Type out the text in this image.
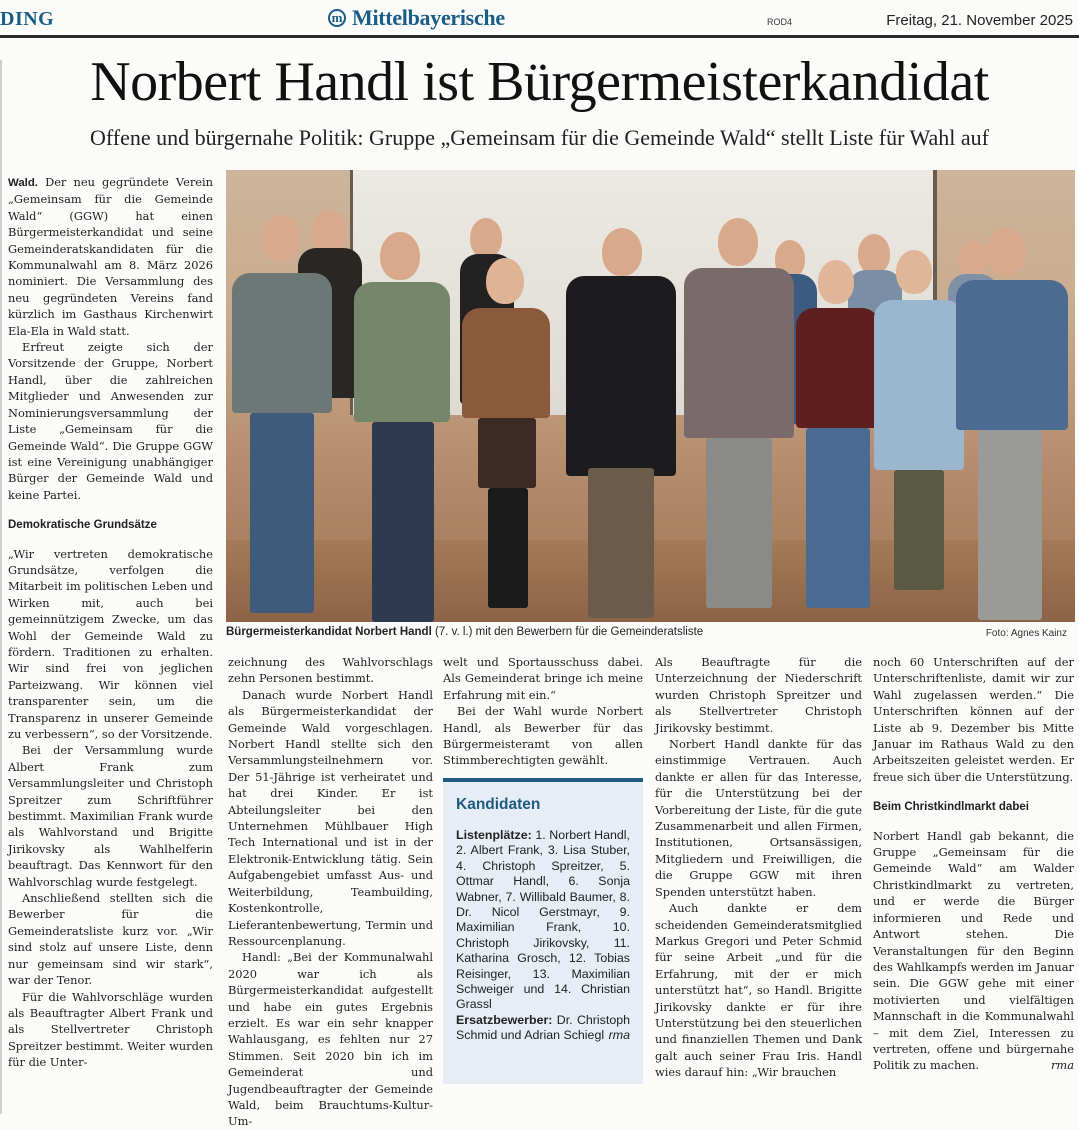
DING	m Mittelbayerische	ROD4	Freitag, 21. November 2025
Norbert Handl ist Bürgermeisterkandidat
Offene und bürgernahe Politik: Gruppe „Gemeinsam für die Gemeinde Wald“ stellt Liste für Wahl auf

Wald. Der neu gegründete Verein „Gemeinsam für die Gemeinde Wald“ (GGW) hat einen Bürgermeisterkandidat und seine Gemeinderatskandidaten für die Kommunalwahl am 8. März 2026 nominiert. Die Versammlung des neu gegründeten Vereins fand kürzlich im Gasthaus Kirchenwirt Ela-Ela in Wald statt.

Erfreut zeigte sich der Vorsitzende der Gruppe, Norbert Handl, über die zahlreichen Mitglieder und Anwesenden zur Nominierungsversammlung der Liste „Gemeinsam für die Gemeinde Wald“. Die Gruppe GGW ist eine Vereinigung unabhängiger Bürger der Gemeinde Wald und keine Partei.

Demokratische Grundsätze

„Wir vertreten demokratische Grundsätze, verfolgen die Mitarbeit im politischen Leben und Wirken mit, auch bei gemeinnützigem Zwecke, um das Wohl der Gemeinde Wald zu fördern. Traditionen zu erhalten. Wir sind frei von jeglichen Parteizwang. Wir können viel transparenter sein, um die Transparenz in unserer Gemeinde zu verbessern“, so der Vorsitzende.

Bei der Versammlung wurde Albert Frank zum Versammlungsleiter und Christoph Spreitzer zum Schriftführer bestimmt. Maximilian Frank wurde als Wahlvorstand und Brigitte Jirikovsky als Wahlhelferin beauftragt. Das Kennwort für den Wahlvorschlag wurde festgelegt.

Anschließend stellten sich die Bewerber für die Gemeinderatsliste kurz vor. „Wir sind stolz auf unsere Liste, denn nur gemeinsam sind wir stark“, war der Tenor.

Für die Wahlvorschläge wurden als Beauftragter Albert Frank und als Stellvertreter Christoph Spreitzer bestimmt. Weiter wurden für die Unter-

Bürgermeisterkandidat Norbert Handl (7. v. l.) mit den Bewerbern für die Gemeinderatsliste	Foto: Agnes Kainz

zeichnung des Wahlvorschlags zehn Personen bestimmt.

Danach wurde Norbert Handl als Bürgermeisterkandidat der Gemeinde Wald vorgeschlagen. Norbert Handl stellte sich den Versammlungsteilnehmern vor. Der 51-Jährige ist verheiratet und hat drei Kinder. Er ist Abteilungsleiter bei den Unternehmen Mühlbauer High Tech International und ist in der Elektronik-Entwicklung tätig. Sein Aufgabengebiet umfasst Aus- und Weiterbildung, Teambuilding, Kostenkontrolle, Lieferantenbewertung, Termin und Ressourcenplanung.

Handl: „Bei der Kommunalwahl 2020 war ich als Bürgermeisterkandidat aufgestellt und habe ein gutes Ergebnis erzielt. Es war ein sehr knapper Wahlausgang, es fehlten nur 27 Stimmen. Seit 2020 bin ich im Gemeinderat und Jugendbeauftragter der Gemeinde Wald, beim Brauchtums-Kultur-Um-

welt und Sportausschuss dabei. Als Gemeinderat bringe ich meine Erfahrung mit ein.“

Bei der Wahl wurde Norbert Handl, als Bewerber für das Bürgermeisteramt von allen Stimmberechtigten gewählt.

Kandidaten
Listenplätze: 1. Norbert Handl, 2. Albert Frank, 3. Lisa Stuber, 4. Christoph Spreitzer, 5. Ottmar Handl, 6. Sonja Wabner, 7. Willibald Baumer, 8. Dr. Nicol Gerstmayr, 9. Maximilian Frank, 10. Christoph Jirikovsky, 11. Katharina Grosch, 12. Tobias Reisinger, 13. Maximilian Schweiger und 14. Christian Grassl
Ersatzbewerber: Dr. Christoph Schmid und Adrian Schiegl rma

Als Beauftragte für die Unterzeichnung der Niederschrift wurden Christoph Spreitzer und als Stellvertreter Christoph Jirikovsky bestimmt.

Norbert Handl dankte für das einstimmige Vertrauen. Auch dankte er allen für das Interesse, für die Unterstützung bei der Vorbereitung der Liste, für die gute Zusammenarbeit und allen Firmen, Institutionen, Ortsansässigen, Mitgliedern und Freiwilligen, die die Gruppe GGW mit ihren Spenden unterstützt haben.

Auch dankte er dem scheidenden Gemeinderatsmitglied Markus Gregori und Peter Schmid für seine Arbeit „und für die Erfahrung, mit der er mich unterstützt hat“, so Handl. Brigitte Jirikovsky dankte er für ihre Unterstützung bei den steuerlichen und finanziellen Themen und Dank galt auch seiner Frau Iris. Handl wies darauf hin: „Wir brauchen

noch 60 Unterschriften auf der Unterschriftenliste, damit wir zur Wahl zugelassen werden.“ Die Unterschriften können auf der Liste ab 9. Dezember bis Mitte Januar im Rathaus Wald zu den Arbeitszeiten geleistet werden. Er freue sich über die Unterstützung.

Beim Christkindlmarkt dabei

Norbert Handl gab bekannt, die Gruppe „Gemeinsam für die Gemeinde Wald“ am Walder Christkindlmarkt zu vertreten, und er werde die Bürger informieren und Rede und Antwort stehen. Die Veranstaltungen für den Beginn des Wahlkampfs werden im Januar sein. Die GGW gehe mit einer motivierten und vielfältigen Mannschaft in die Kommunalwahl – mit dem Ziel, Interessen zu vertreten, offene und bürgernahe Politik zu machen.	rma
